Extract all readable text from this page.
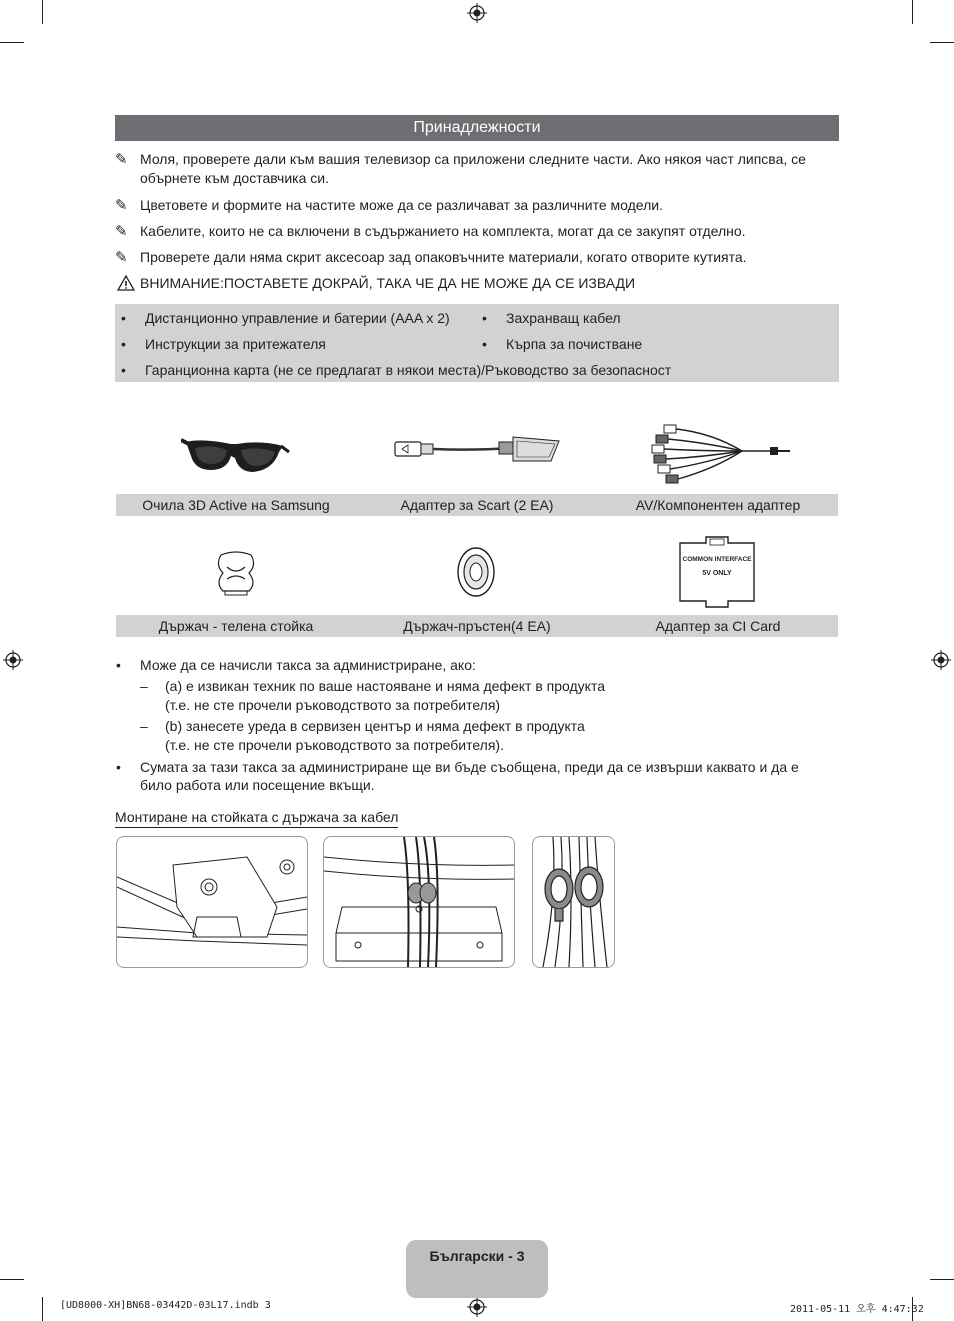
Принадлежности
✎ Моля, проверете дали към вашия телевизор са приложени следните части. Ако някоя част липсва, се обърнете към доставчика си.
✎ Цветовете и формите на частите може да се различават за различните модели.
✎ Кабелите, които не са включени в съдържанието на комплекта, могат да се закупят отделно.
✎ Проверете дали няма скрит аксесоар зад опаковъчните материали, когато отворите кутията.
ВНИМАНИЕ:ПОСТАВЕТЕ ДОКРАЙ, ТАКА ЧЕ ДА НЕ МОЖЕ ДА СЕ ИЗВАДИ
• Дистанционно управление и батерии (AAA x 2) • Захранващ кабел
• Инструкции за притежателя	• Кърпа за почистване
• Гаранционна карта (не се предлагат в някои места)/Ръководство за безопасност
Очила 3D Active на Samsung	Адаптер за Scart (2 EA)	AV/Компонентен адаптер
COMMON INTERFACE
5V ONLY
Държач - телена стойка	Държач-пръстен(4 EA)	Адаптер за CI Card
• Може да се начисли такса за администриране, ако:
– (a) е извикан техник по ваше настояване и няма дефект в продукта
(т.е. не сте прочели ръководството за потребителя)
– (b) занесете уреда в сервизен център и няма дефект в продукта
(т.е. не сте прочели ръководството за потребителя).
• Сумата за тази такса за администриране ще ви бъде съобщена, преди да се извърши каквато и да е
било работа или посещение вкъщи.
Монтиране на стойката с държача за кабел
Български - 3
[UD8000-XH]BN68-03442D-03L17.indb 3	2011-05-11 오후 4:47:32
